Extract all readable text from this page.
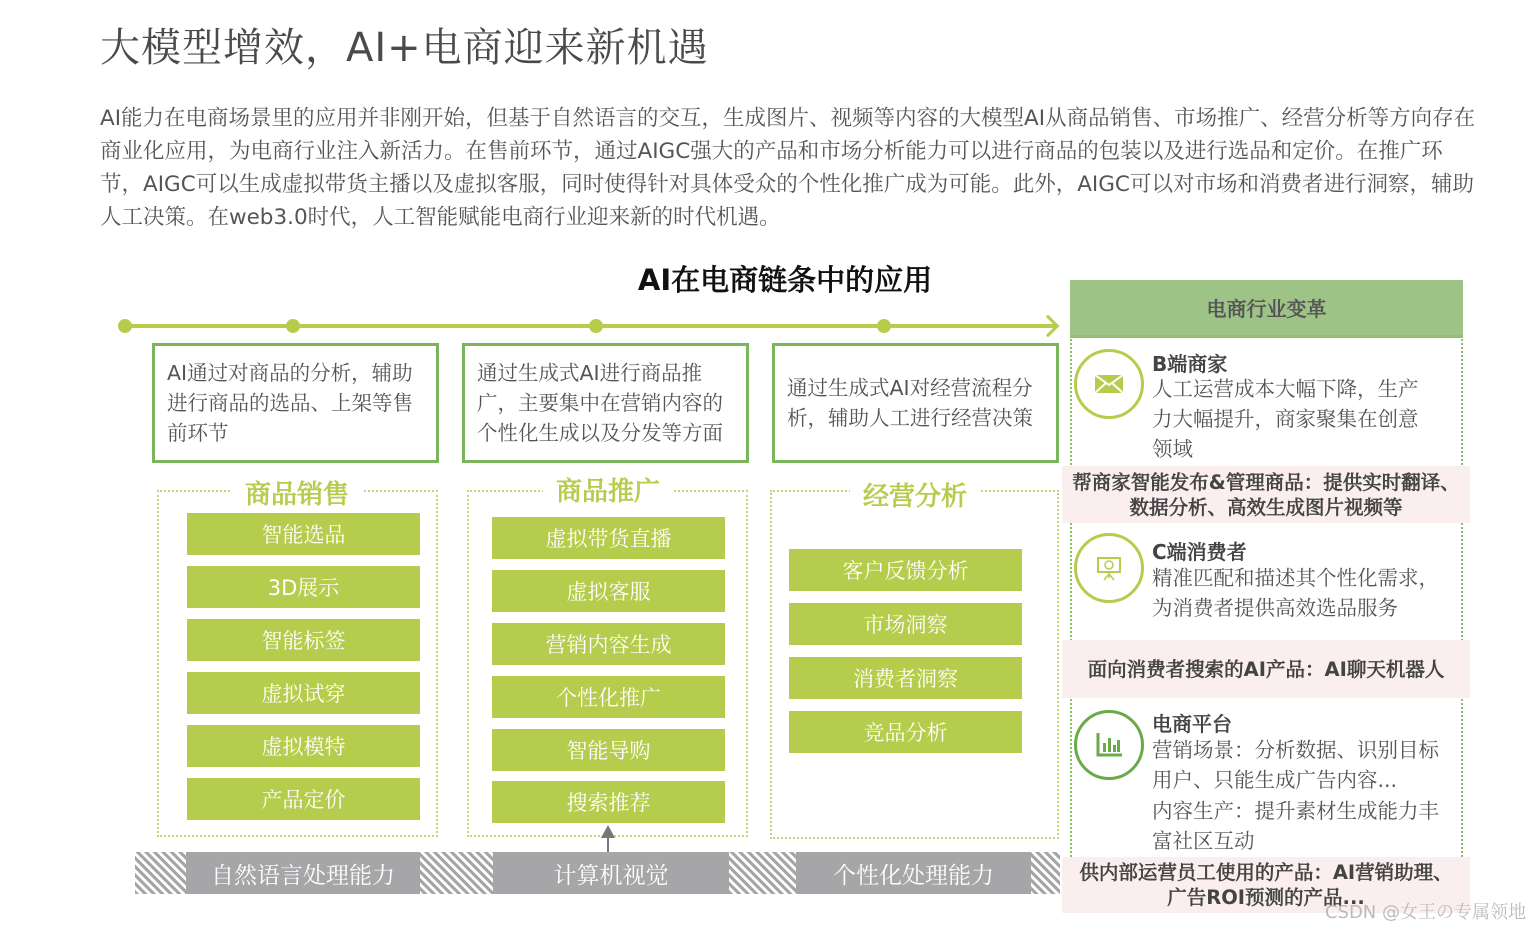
大模型增效，AI+电商迎来新机遇
AI能力在电商场景里的应用并非刚开始，但基于自然语言的交互，生成图片、视频等内容的大模型AI从商品销售、市场推广、经营分析等方向存在商业化应用，为电商行业注入新活力。在售前环节，通过AIGC强大的产品和市场分析能力可以进行商品的包装以及进行选品和定价。在推广环节，AIGC可以生成虚拟带货主播以及虚拟客服，同时使得针对具体受众的个性化推广成为可能。此外，AIGC可以对市场和消费者进行洞察，辅助人工决策。在web3.0时代，人工智能赋能电商行业迎来新的时代机遇。
AI在电商链条中的应用
AI通过对商品的分析，辅助进行商品的选品、上架等售前环节
商品销售
智能选品
3D展示
智能标签
虚拟试穿
虚拟模特
产品定价
通过生成式AI进行商品推广，主要集中在营销内容的个性化生成以及分发等方面
商品推广
虚拟带货直播
虚拟客服
营销内容生成
个性化推广
智能导购
搜索推荐
通过生成式AI对经营流程分析，辅助人工进行经营决策
经营分析
客户反馈分析
市场洞察
消费者洞察
竞品分析
自然语言处理能力	计算机视觉	个性化处理能力
帮商家智能发布&管理商品：提供实时翻译、数据分析、高效生成图片视频等
面向消费者搜索的AI产品：AI聊天机器人
供内部运营员工使用的产品：AI营销助理、广告ROI预测的产品...
电商行业变革
B端商家
人工运营成本大幅下降，生产力大幅提升，商家聚集在创意领域
C端消费者
精准匹配和描述其个性化需求，为消费者提供高效选品服务
电商平台
营销场景：分析数据、识别目标用户、只能生成广告内容...
内容生产：提升素材生成能力丰富社区互动
CSDN @女王の专属领地
